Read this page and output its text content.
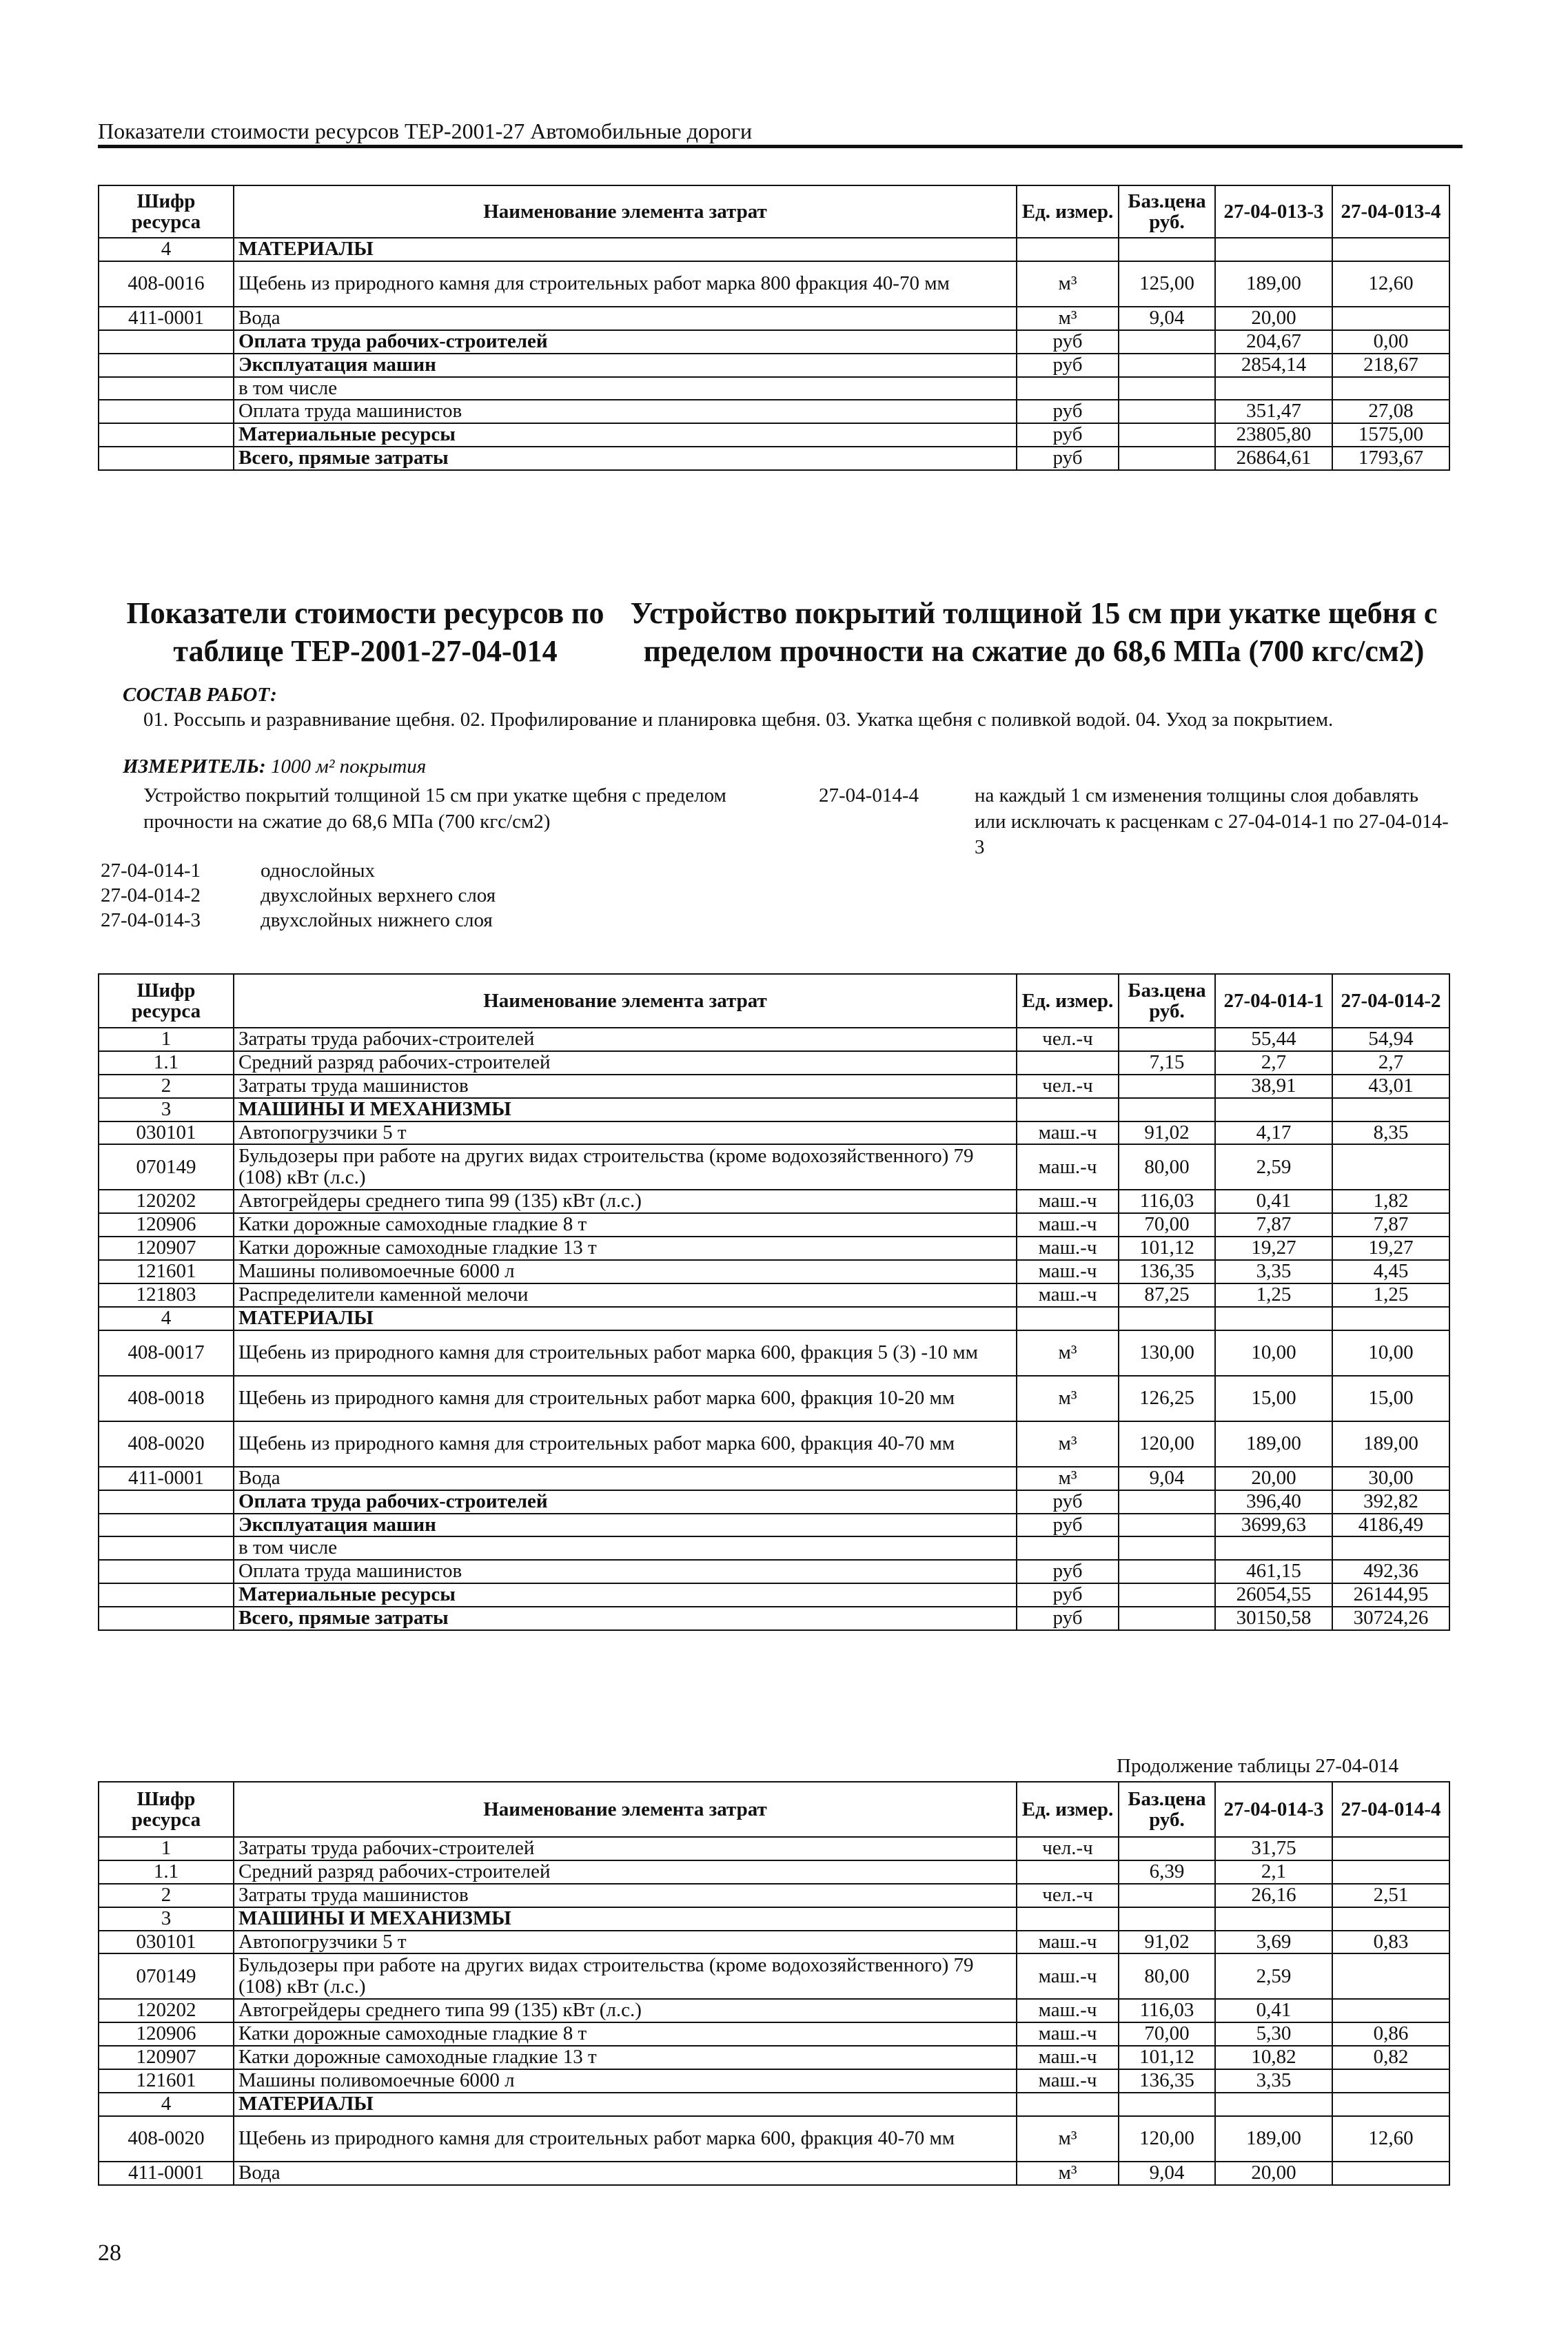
Показатели стоимости ресурсов ТЕР-2001-27 Автомобильные дороги
Шифр ресурса	Наименование элемента затрат	Ед. измер.	Баз.цена руб.	27-04-013-3	27-04-013-4
4	МАТЕРИАЛЫ				
408-0016	Щебень из природного камня для строительных работ марка 800 фракция 40-70 мм	м³	125,00	189,00	12,60
411-0001	Вода	м³	9,04	20,00	
	Оплата труда рабочих-строителей	руб		204,67	0,00
	Эксплуатация машин	руб		2854,14	218,67
	в том числе				
	Оплата труда машинистов	руб		351,47	27,08
	Материальные ресурсы	руб		23805,80	1575,00
	Всего, прямые затраты	руб		26864,61	1793,67
Показатели стоимости ресурсов по таблице ТЕР-2001-27-04-014
Устройство покрытий толщиной 15 см при укатке щебня с пределом прочности на сжатие до 68,6 МПа (700 кгс/см2)
СОСТАВ РАБОТ:
01. Россыпь и разравнивание щебня. 02. Профилирование и планировка щебня. 03. Укатка щебня с поливкой водой. 04. Уход за покрытием.
ИЗМЕРИТЕЛЬ: 1000 м² покрытия
Устройство покрытий толщиной 15 см при укатке щебня с пределом прочности на сжатие до 68,6 МПа (700 кгс/см2)
27-04-014-4	на каждый 1 см изменения толщины слоя добавлять или исключать к расценкам с 27-04-014-1 по 27-04-014-3
27-04-014-1	однослойных
27-04-014-2	двухслойных верхнего слоя
27-04-014-3	двухслойных нижнего слоя
Шифр ресурса	Наименование элемента затрат	Ед. измер.	Баз.цена руб.	27-04-014-1	27-04-014-2
1	Затраты труда рабочих-строителей	чел.-ч		55,44	54,94
1.1	Средний разряд рабочих-строителей		7,15	2,7	2,7
2	Затраты труда машинистов	чел.-ч		38,91	43,01
3	МАШИНЫ И МЕХАНИЗМЫ				
030101	Автопогрузчики 5 т	маш.-ч	91,02	4,17	8,35
070149	Бульдозеры при работе на других видах строительства (кроме водохозяйственного) 79 (108) кВт (л.с.)	маш.-ч	80,00	2,59	
120202	Автогрейдеры среднего типа 99 (135) кВт (л.с.)	маш.-ч	116,03	0,41	1,82
120906	Катки дорожные самоходные гладкие 8 т	маш.-ч	70,00	7,87	7,87
120907	Катки дорожные самоходные гладкие 13 т	маш.-ч	101,12	19,27	19,27
121601	Машины поливомоечные 6000 л	маш.-ч	136,35	3,35	4,45
121803	Распределители каменной мелочи	маш.-ч	87,25	1,25	1,25
4	МАТЕРИАЛЫ				
408-0017	Щебень из природного камня для строительных работ марка 600, фракция 5 (3) -10 мм	м³	130,00	10,00	10,00
408-0018	Щебень из природного камня для строительных работ марка 600, фракция 10-20 мм	м³	126,25	15,00	15,00
408-0020	Щебень из природного камня для строительных работ марка 600, фракция 40-70 мм	м³	120,00	189,00	189,00
411-0001	Вода	м³	9,04	20,00	30,00
	Оплата труда рабочих-строителей	руб		396,40	392,82
	Эксплуатация машин	руб		3699,63	4186,49
	в том числе				
	Оплата труда машинистов	руб		461,15	492,36
	Материальные ресурсы	руб		26054,55	26144,95
	Всего, прямые затраты	руб		30150,58	30724,26
Продолжение таблицы 27-04-014
Шифр ресурса	Наименование элемента затрат	Ед. измер.	Баз.цена руб.	27-04-014-3	27-04-014-4
1	Затраты труда рабочих-строителей	чел.-ч		31,75	
1.1	Средний разряд рабочих-строителей		6,39	2,1	
2	Затраты труда машинистов	чел.-ч		26,16	2,51
3	МАШИНЫ И МЕХАНИЗМЫ				
030101	Автопогрузчики 5 т	маш.-ч	91,02	3,69	0,83
070149	Бульдозеры при работе на других видах строительства (кроме водохозяйственного) 79 (108) кВт (л.с.)	маш.-ч	80,00	2,59	
120202	Автогрейдеры среднего типа 99 (135) кВт (л.с.)	маш.-ч	116,03	0,41	
120906	Катки дорожные самоходные гладкие 8 т	маш.-ч	70,00	5,30	0,86
120907	Катки дорожные самоходные гладкие 13 т	маш.-ч	101,12	10,82	0,82
121601	Машины поливомоечные 6000 л	маш.-ч	136,35	3,35	
4	МАТЕРИАЛЫ				
408-0020	Щебень из природного камня для строительных работ марка 600, фракция 40-70 мм	м³	120,00	189,00	12,60
411-0001	Вода	м³	9,04	20,00	
28
